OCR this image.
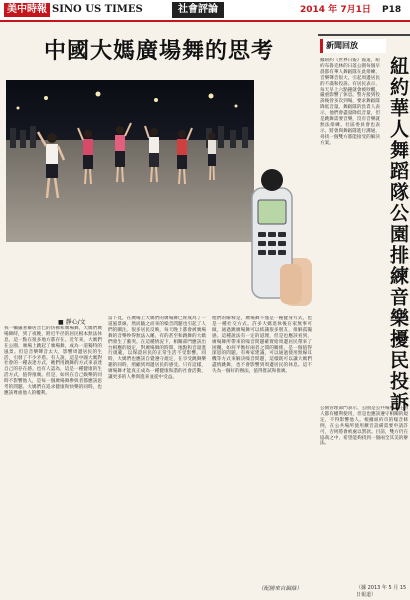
美中時報 SINO US TIMES	社會評論	2014 年 7月1日 P18
中國大媽廣場舞的思考
■ 靜心/文
我一輔嚴著鄰居音已的仿佛和廣場舞，大媽們廣場舞時，到了夜晚，附近半径的居民根本無法休息，這一點在很多地方都存在。近年來，大媽們在公園、廣場上跳起了廣場舞，成為一道獨特的風景。但是音樂聲音太大，影響周邊居民的生活，引發了不少矛盾。有人說，這是中國大媽對社會的一種表達方式，她們用跳舞的方式來表達自己的存在感。也有人認為，這是一種健康的生活方式，值得推廣。但是，如何在自己娛樂的同時不影響他人，是每一個廣場舞參與者都應該思考的問題。大媽們在追求健康和快樂的同時，也應該尊重他人的權利。
當下見，在廣場上大媽們的廣場舞已經成為了一道風景線，然而隨之而來的噪音問題也引起了人們的關注。很多居民反映，每天晚上都會被廣場舞的音樂吵得無法入睡，有的甚至和跳舞的大媽們發生了衝突。在這種情況下，相關部門應該出台相應的規定，對廣場舞的時間、地點和音量進行規範，以保證居民的正常生活不受影響。同時，大媽們也應該自覺遵守規定，在享受跳舞樂趣的同時，照顧到周邊居民的感受。只有這樣，廣場舞才能真正成為一種健康和諧的社會活動，讓更多的人參與進來並從中受益。
他們的解釋是，廣場舞不僅是一種健身方式，也是一種社交方式。許多大媽退休後在家無事可做，通過跳廣場舞可以結識很多朋友，排解孤獨感。這種說法有一定的道理，但是也應該看到，廣場舞所帶來的噪音問題確實給周邊居民帶來了困擾。如何平衡好兩者之間的關係，是一個值得深思的問題。有專家建議，可以通過使用無線耳機等方式來解決噪音問題，這樣既可以讓大媽們盡情跳舞，也不會影響到周邊居民的休息。這不失為一個好的辦法，值得嘗試和推廣。
（配圖來自網絡）
新聞回放
紐約華人舞蹈隊公園排練音樂擾民投訴
據紐約《世界日報》報道，紐約布魯克林的日落公園每個早晨都有華人舞蹈隊在此排練，音樂聲音很大，引起周邊居民的不滿和投訴。有居民表示，每天早上六點鐘就會被吵醒，嚴重影響了休息。警方接到投訴後曾多次到場，要求舞蹈隊降低音量。舞蹈隊的負責人表示，他們會盡量降低音量，但是跳舞需要音樂，沒有音樂就無法排練。社區委員會也表示，將會與舞蹈隊進行溝通，尋找一個雙方都能接受的解決方案。
公園管理部門表示，公園是公共場所，任何人都有權利使用，但是也應該遵守相關的規定，不得影響他人。根據紐約市的噪音條例，在公共場所使用擴音設備需要申請許可，否則將會被處以罰款。目前，雙方仍在協商之中，希望能夠找到一個兩全其美的辦法。
（據 2013 年 5 月 15 日報道）
